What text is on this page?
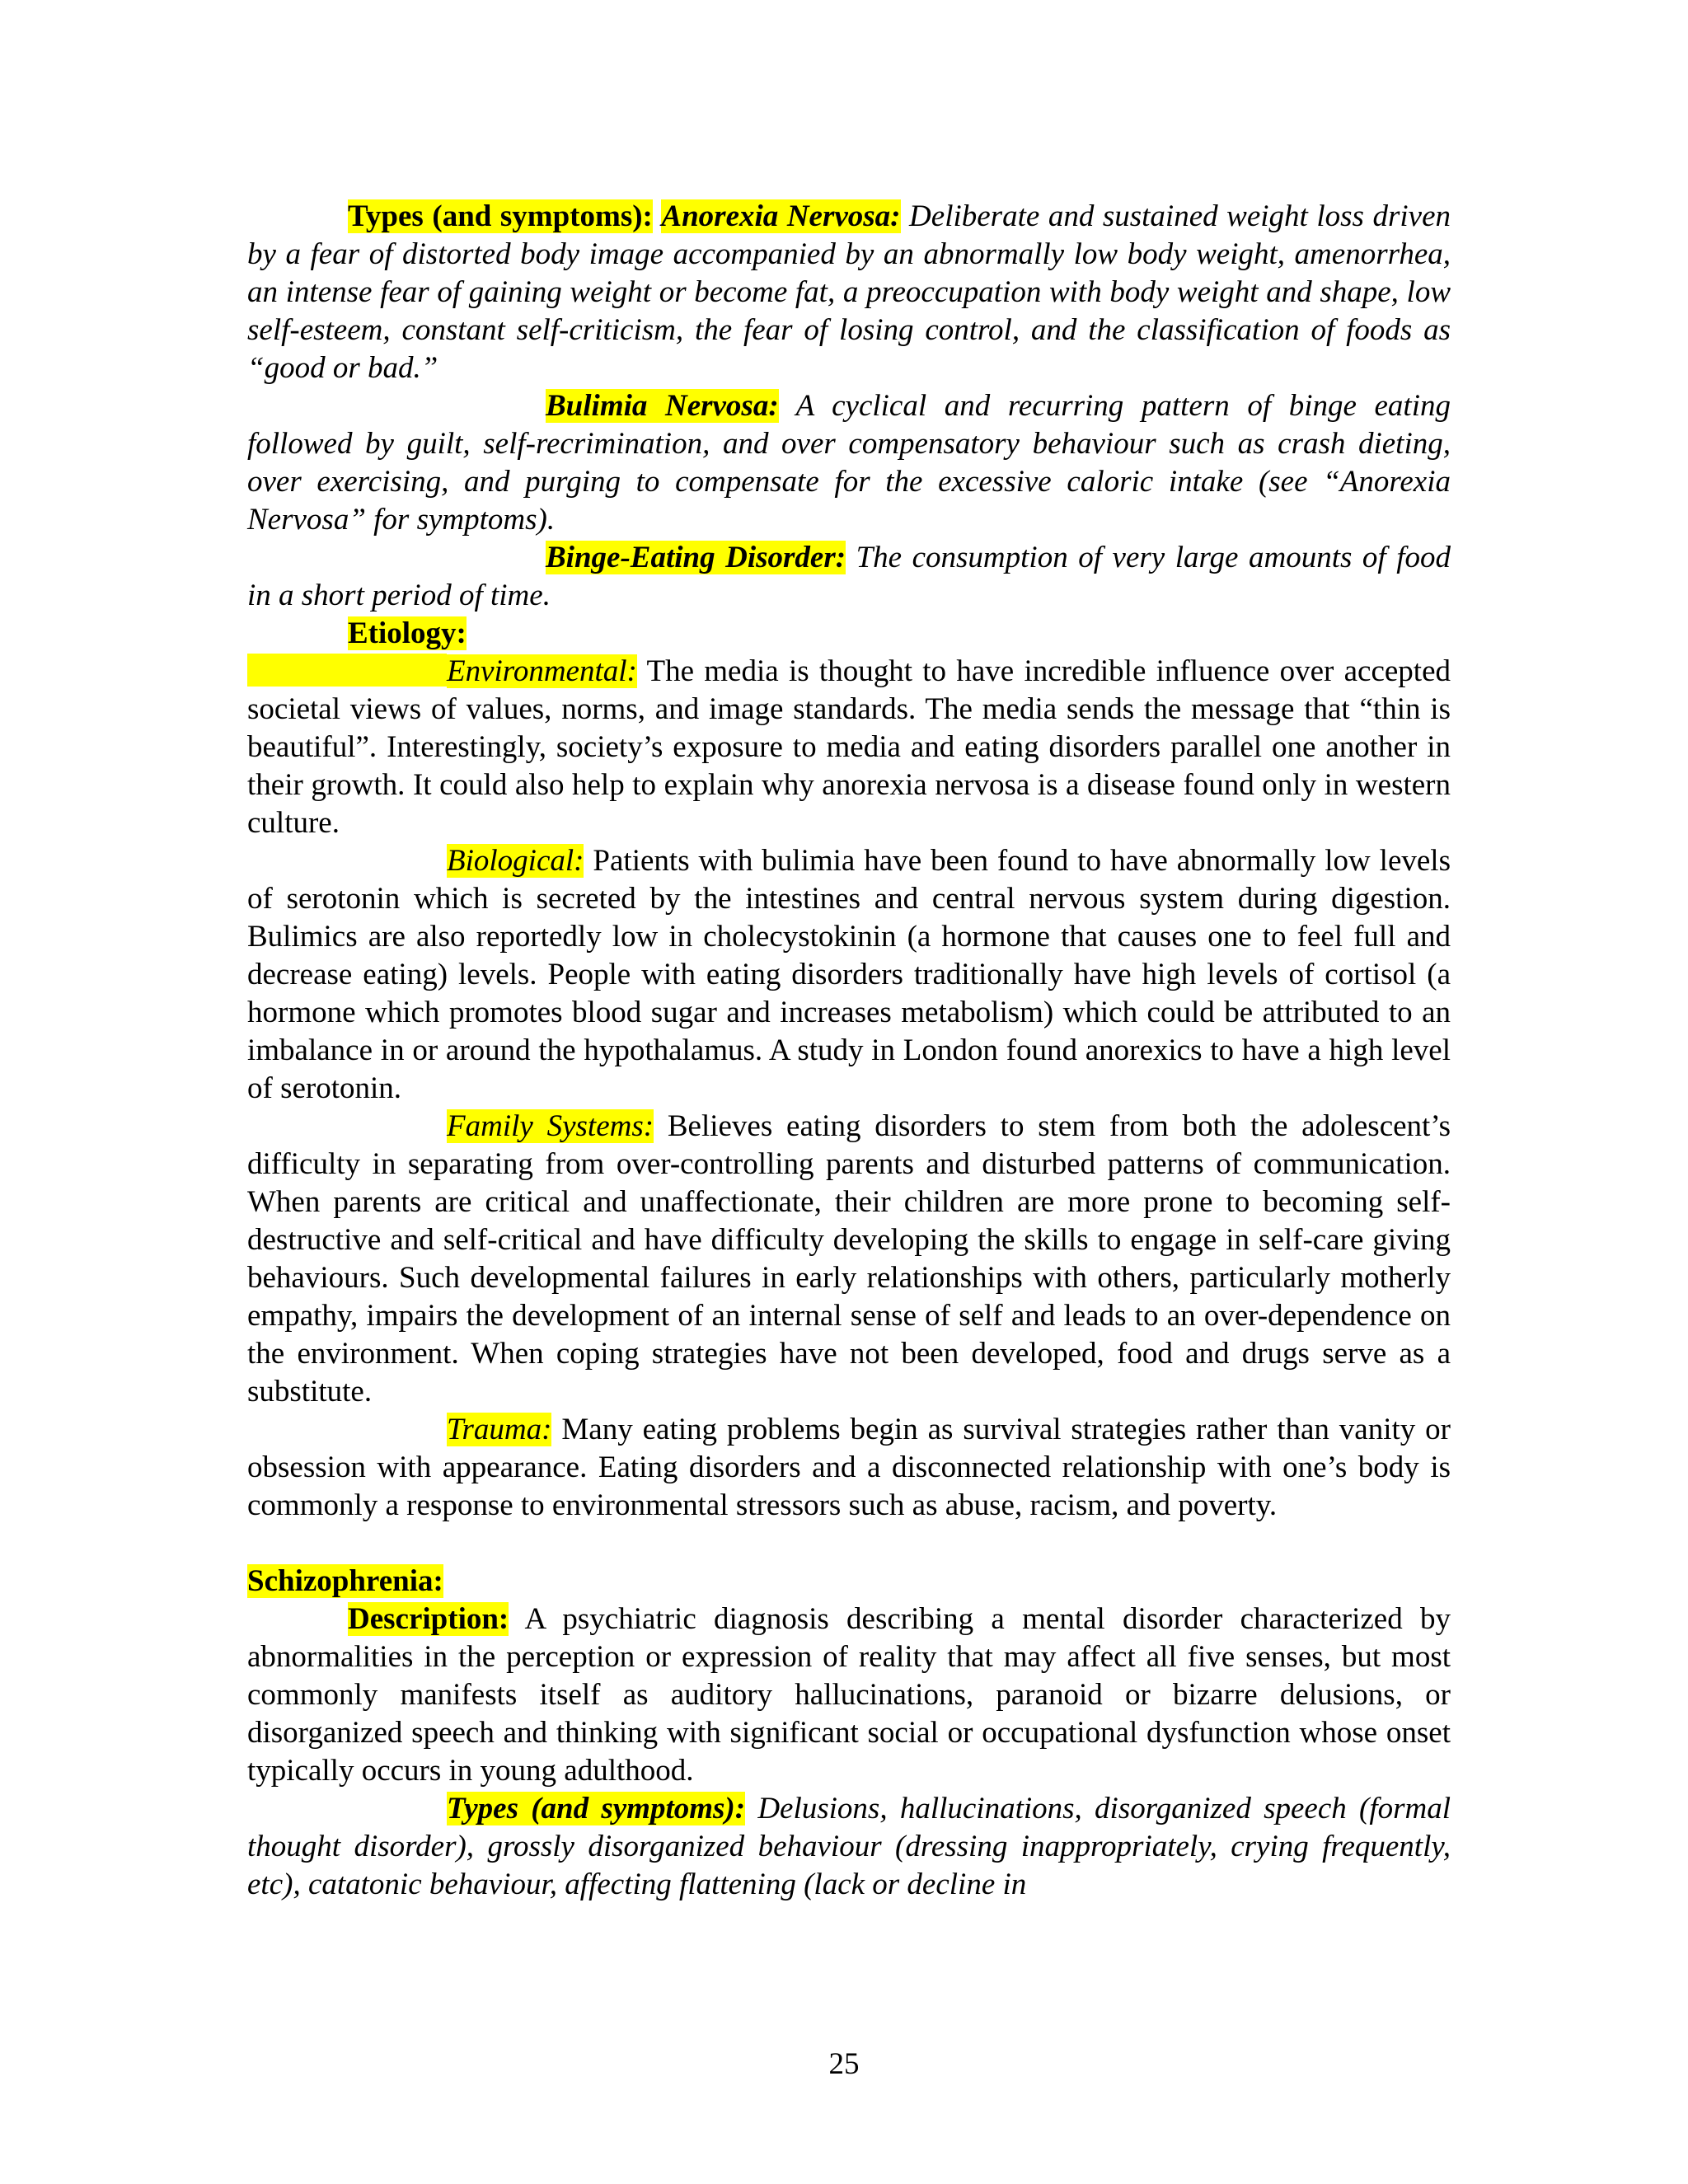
Types (and symptoms): Anorexia Nervosa: Deliberate and sustained weight loss driven by a fear of distorted body image accompanied by an abnormally low body weight, amenorrhea, an intense fear of gaining weight or become fat, a preoccupation with body weight and shape, low self-esteem, constant self-criticism, the fear of losing control, and the classification of foods as “good or bad.”

Bulimia Nervosa: A cyclical and recurring pattern of binge eating followed by guilt, self-recrimination, and over compensatory behaviour such as crash dieting, over exercising, and purging to compensate for the excessive caloric intake (see “Anorexia Nervosa” for symptoms).

Binge-Eating Disorder: The consumption of very large amounts of food in a short period of time.

Etiology:

Environmental: The media is thought to have incredible influence over accepted societal views of values, norms, and image standards. The media sends the message that “thin is beautiful”. Interestingly, society’s exposure to media and eating disorders parallel one another in their growth. It could also help to explain why anorexia nervosa is a disease found only in western culture.

Biological: Patients with bulimia have been found to have abnormally low levels of serotonin which is secreted by the intestines and central nervous system during digestion. Bulimics are also reportedly low in cholecystokinin (a hormone that causes one to feel full and decrease eating) levels. People with eating disorders traditionally have high levels of cortisol (a hormone which promotes blood sugar and increases metabolism) which could be attributed to an imbalance in or around the hypothalamus. A study in London found anorexics to have a high level of serotonin.

Family Systems: Believes eating disorders to stem from both the adolescent’s difficulty in separating from over-controlling parents and disturbed patterns of communication. When parents are critical and unaffectionate, their children are more prone to becoming self-destructive and self-critical and have difficulty developing the skills to engage in self-care giving behaviours. Such developmental failures in early relationships with others, particularly motherly empathy, impairs the development of an internal sense of self and leads to an over-dependence on the environment. When coping strategies have not been developed, food and drugs serve as a substitute.

Trauma: Many eating problems begin as survival strategies rather than vanity or obsession with appearance. Eating disorders and a disconnected relationship with one’s body is commonly a response to environmental stressors such as abuse, racism, and poverty.

Schizophrenia:

Description: A psychiatric diagnosis describing a mental disorder characterized by abnormalities in the perception or expression of reality that may affect all five senses, but most commonly manifests itself as auditory hallucinations, paranoid or bizarre delusions, or disorganized speech and thinking with significant social or occupational dysfunction whose onset typically occurs in young adulthood.

Types (and symptoms): Delusions, hallucinations, disorganized speech (formal thought disorder), grossly disorganized behaviour (dressing inappropriately, crying frequently, etc), catatonic behaviour, affecting flattening (lack or decline in

25
